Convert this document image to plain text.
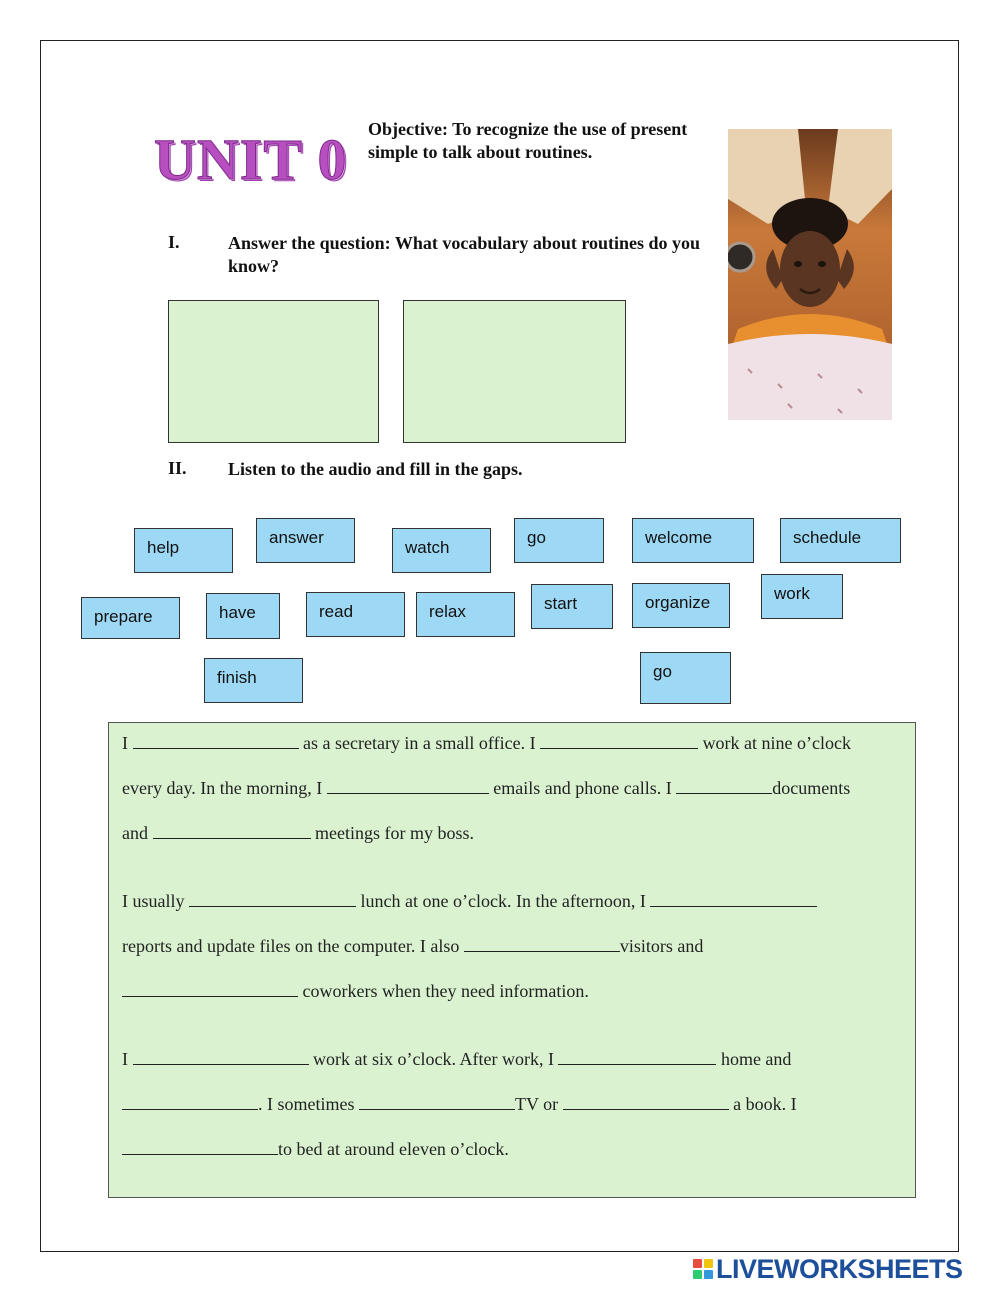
UNIT 0 Objective: To recognize the use of present simple to talk about routines.
I.	Answer the question: What vocabulary about routines do you know?
II. Listen to the audio and fill in the gaps.
help
answer
watch
go	welcome	schedule
prepare	have	read	relax	start	organize	work
finish	go
I	as a secretary in a small office. I	work at nine o’clock
every day. In the morning, I	emails and phone calls. I	documents
and	meetings for my boss.
I usually	lunch at one o’clock. In the afternoon, I
reports and update files on the computer. I also	visitors and
coworkers when they need information.
I	work at six o’clock. After work, I	home and
. I sometimes	TV or	a book. I
to bed at around eleven o’clock.
LIVEWORKSHEETS
